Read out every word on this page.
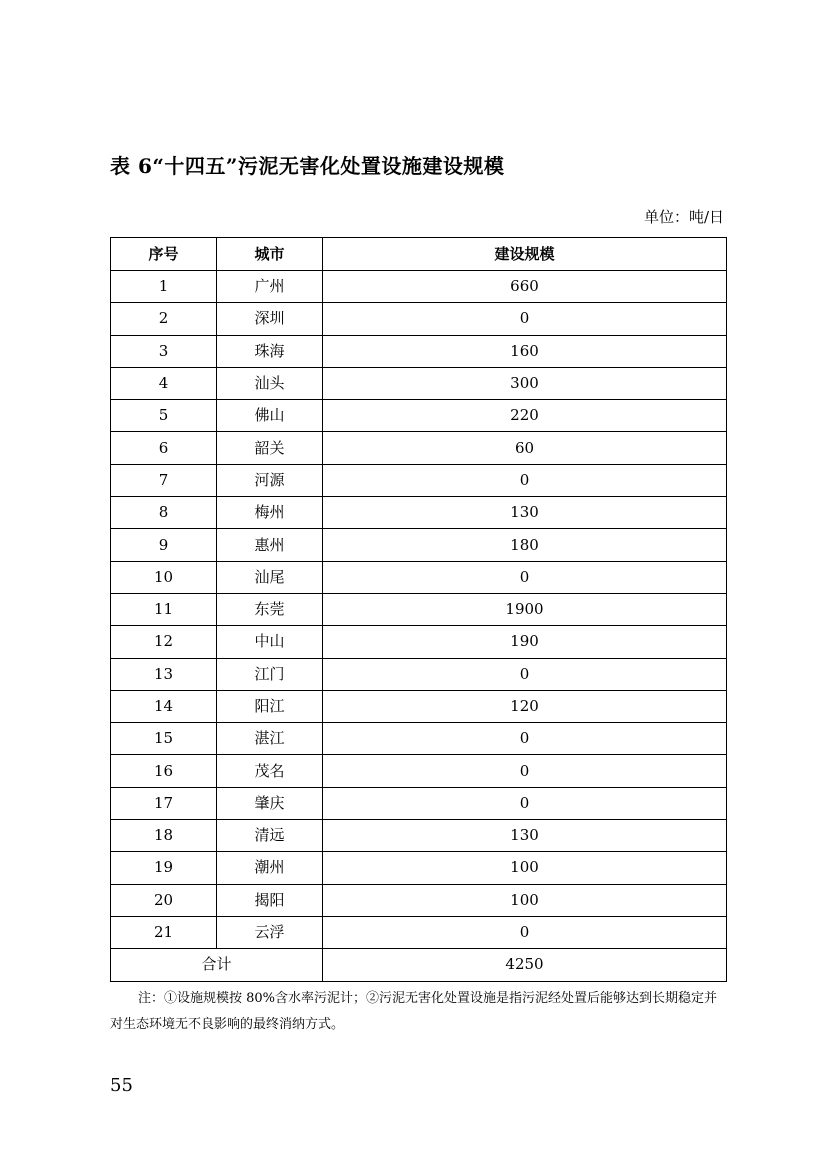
表 6“十四五”污泥无害化处置设施建设规模
单位：吨/日
序号	城市	建设规模
1	广州	660
2	深圳	0
3	珠海	160
4	汕头	300
5	佛山	220
6	韶关	60
7	河源	0
8	梅州	130
9	惠州	180
10	汕尾	0
11	东莞	1900
12	中山	190
13	江门	0
14	阳江	120
15	湛江	0
16	茂名	0
17	肇庆	0
18	清远	130
19	潮州	100
20	揭阳	100
21	云浮	0
合计		4250
注：①设施规模按 80%含水率污泥计；②污泥无害化处置设施是指污泥经处置后能够达到长期稳定并对生态环境无不良影响的最终消纳方式。
55
